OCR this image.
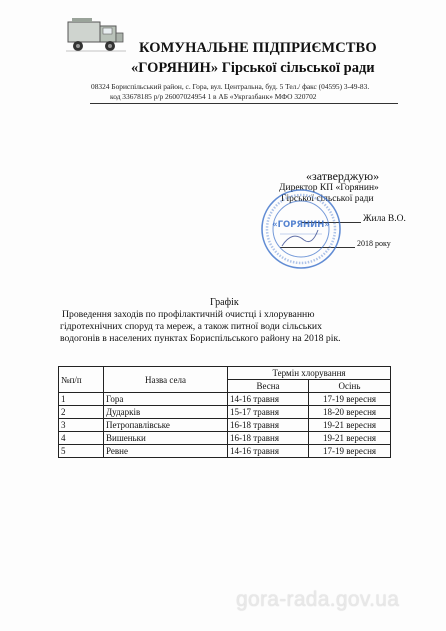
КОМУНАЛЬНЕ ПІДПРИЄМСТВО
«ГОРЯНИН» Гірської сільської ради
08324 Бориспільський район, с. Гора, вул. Центральна, буд. 5 Тел./ факс (04595) 3-49-83.
код 33678185 р/р 26007024954 1 в АБ «Укргазбанк» МФО 320702
«затверджую»
Директор КП «Горянин»
Гірської сільської ради
Жила В.О.
2018 року
«ГОРЯНИН»
Графік
Проведення заходів по профілактичній очистці і хлоруванню
гідротехнічних споруд та мереж, а також питної води сільських
водогонів в населених пунктах Бориспільського району на 2018 рік.
№п/п	Назва села	Термін хлорування	
		Весна	Осінь
1	Гора	14-16 травня	17-19 вересня
2	Дударків	15-17 травня	18-20 вересня
3	Петропавлівське	16-18 травня	19-21 вересня
4	Вишеньки	16-18 травня	19-21 вересня
5	Ревне	14-16 травня	17-19 вересня
gora-rada.gov.ua
